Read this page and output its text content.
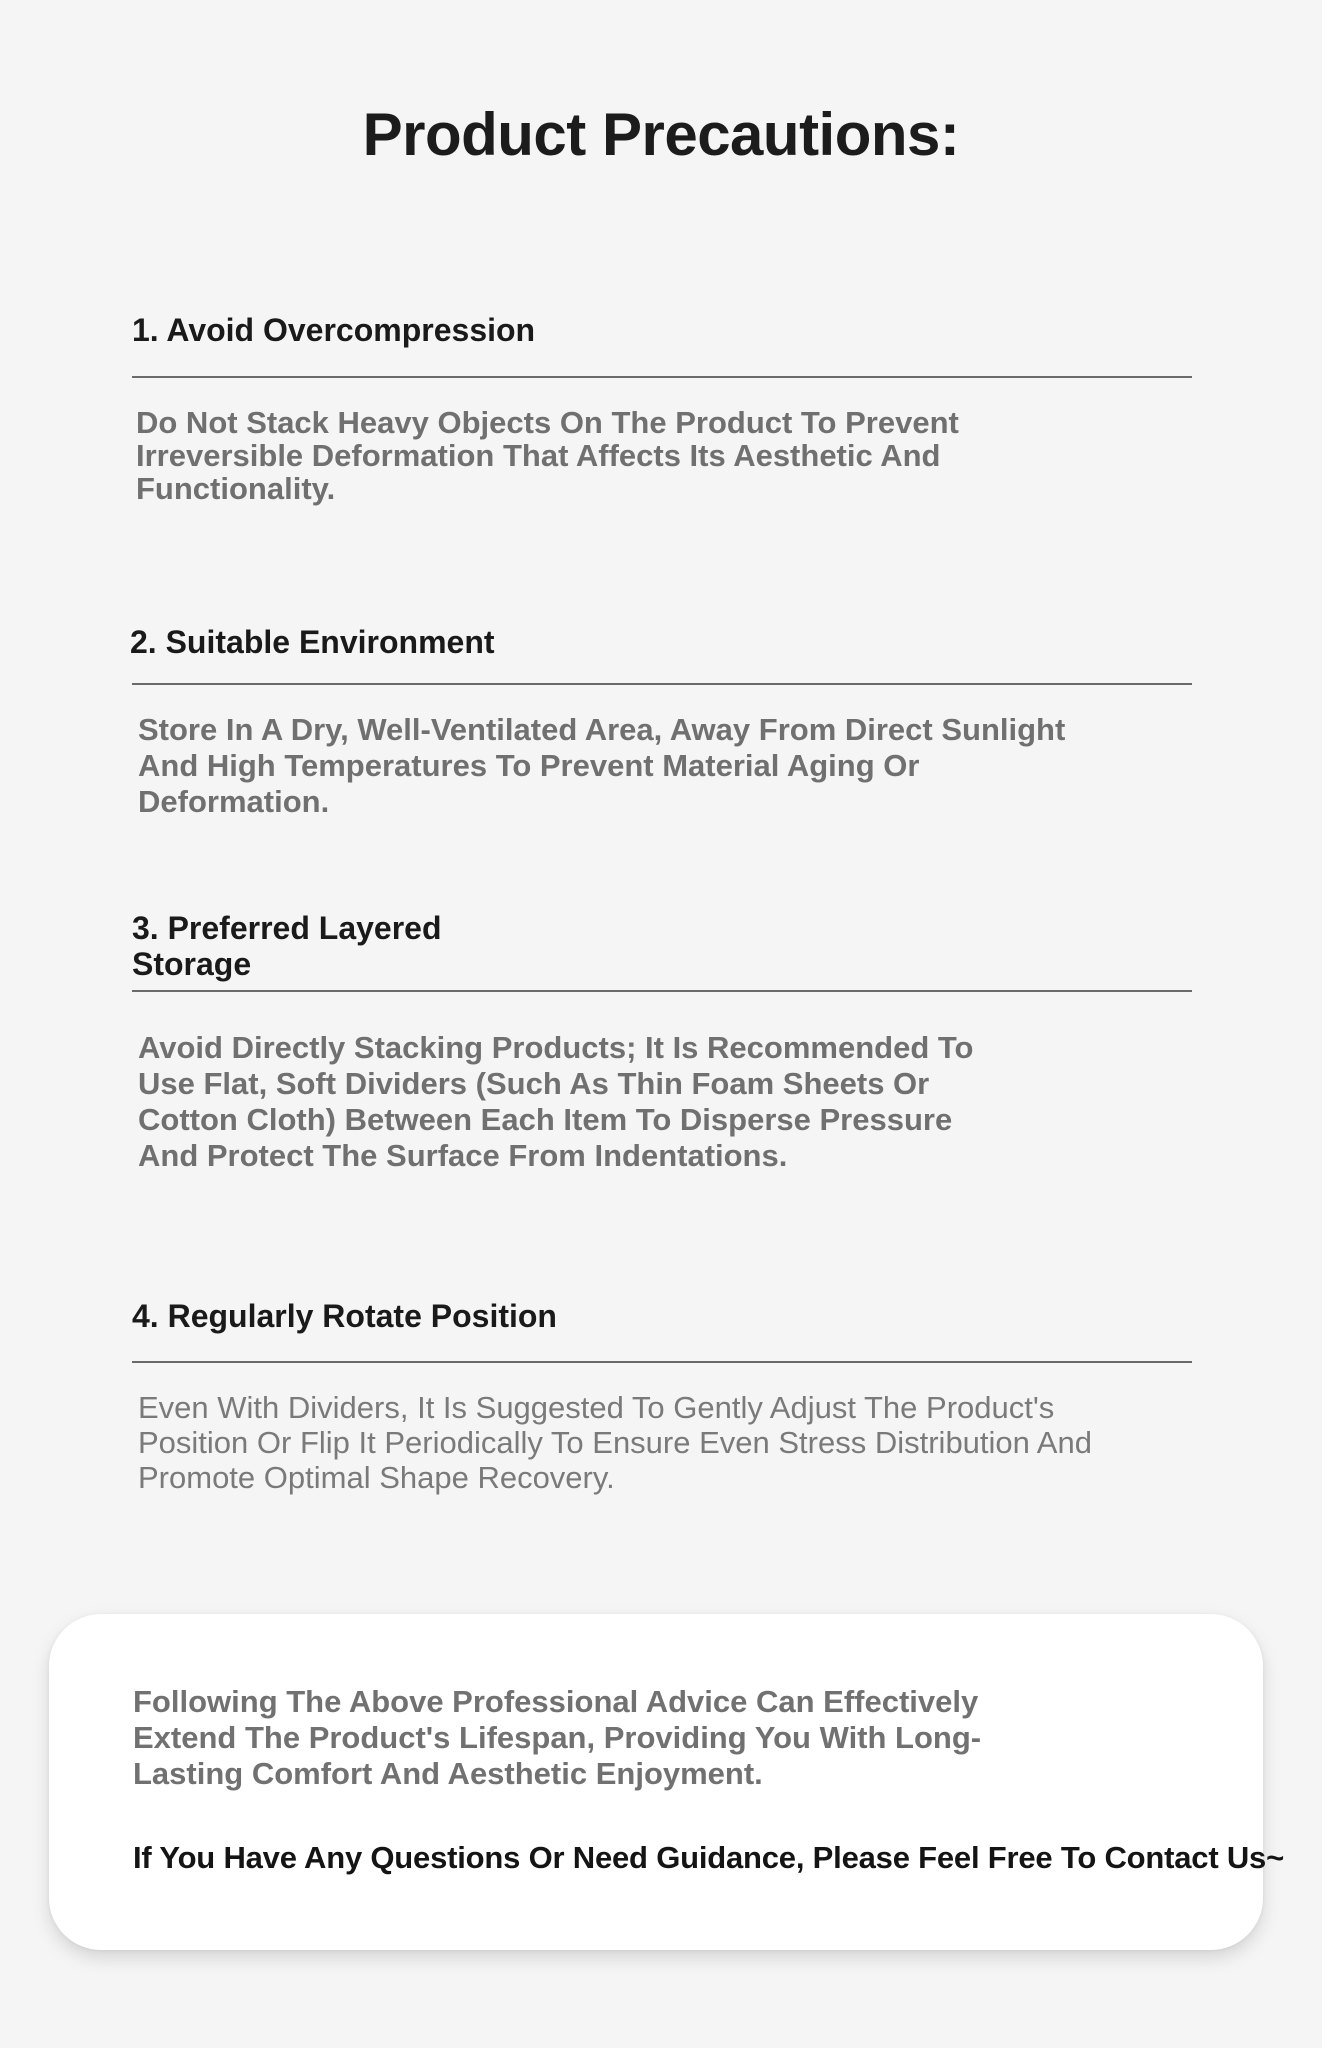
Product Precautions:
1. Avoid Overcompression

Do Not Stack Heavy Objects On The Product To Prevent Irreversible Deformation That Affects Its Aesthetic And Functionality.

2. Suitable Environment

Store In A Dry, Well-Ventilated Area, Away From Direct Sunlight And High Temperatures To Prevent Material Aging Or Deformation.

3. Preferred Layered Storage

Avoid Directly Stacking Products; It Is Recommended To Use Flat, Soft Dividers (Such As Thin Foam Sheets Or Cotton Cloth) Between Each Item To Disperse Pressure And Protect The Surface From Indentations.

4. Regularly Rotate Position

Even With Dividers, It Is Suggested To Gently Adjust The Product's Position Or Flip It Periodically To Ensure Even Stress Distribution And Promote Optimal Shape Recovery.

Following The Above Professional Advice Can Effectively Extend The Product's Lifespan, Providing You With Long-Lasting Comfort And Aesthetic Enjoyment.

If You Have Any Questions Or Need Guidance, Please Feel Free To Contact Us~
